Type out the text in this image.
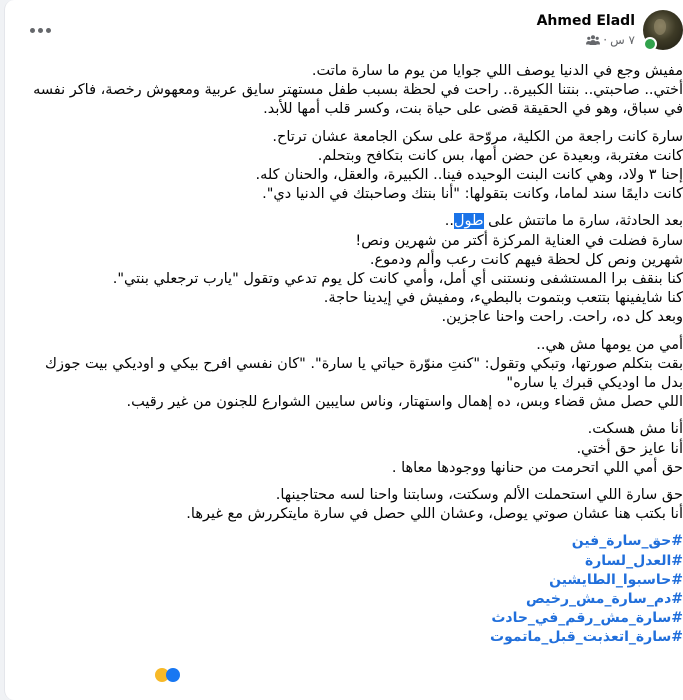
Ahmed Eladl
٧ س
·

مفيش وجع في الدنيا يوصف اللي جوايا من يوم ما سارة ماتت.
أختي.. صاحبتي.. بنتنا الكبيرة.. راحت في لحظة بسبب طفل مستهتر سايق عربية ومعهوش رخصة، فاكر نفسه في سباق، وهو في الحقيقة قضى على حياة بنت، وكسر قلب أمها للأبد.

سارة كانت راجعة من الكلية، مروّحة على سكن الجامعة عشان ترتاح.
كانت مغتربة، وبعيدة عن حضن أمها، بس كانت بتكافح وبتحلم.
إحنا ٣ ولاد، وهي كانت البنت الوحيده فينا.. الكبيرة، والعقل، والحنان كله.
كانت دايمًا سند لماما، وكانت بتقولها: "أنا بنتك وصاحبتك في الدنيا دي".

بعد الحادثة، سارة ما ماتتش على طول..
سارة فضلت في العناية المركزة أكتر من شهرين ونص!
شهرين ونص كل لحظة فيهم كانت رعب وألم ودموع.
كنا بنقف برا المستشفى ونستنى أي أمل، وأمي كانت كل يوم تدعي وتقول "يارب ترجعلي بنتي".
كنا شايفينها بتتعب وبتموت بالبطيء، ومفيش في إيدينا حاجة.
وبعد كل ده، راحت. راحت واحنا عاجزين.

أمي من يومها مش هي..
بقت بتكلم صورتها، وتبكي وتقول: "كنتِ منوّرة حياتي يا سارة". "كان نفسي افرح بيكي و اوديكي بيت جوزك بدل ما اوديكي قبرك يا ساره"
اللي حصل مش قضاء وبس، ده إهمال واستهتار، وناس سايبين الشوارع للجنون من غير رقيب.

أنا مش هسكت.
أنا عايز حق أختي.
حق أمي اللي اتحرمت من حنانها ووجودها معاها .

حق سارة اللي استحملت الألم وسكتت، وسابتنا واحنا لسه محتاجينها.
أنا بكتب هنا عشان صوتي يوصل، وعشان اللي حصل في سارة مايتكررش مع غيرها.

#حق_سارة_فين
#العدل_لسارة
#حاسبوا_الطايشين
#دم_سارة_مش_رخيص
#سارة_مش_رقم_في_حادث
#سارة_اتعذبت_قبل_ماتموت
